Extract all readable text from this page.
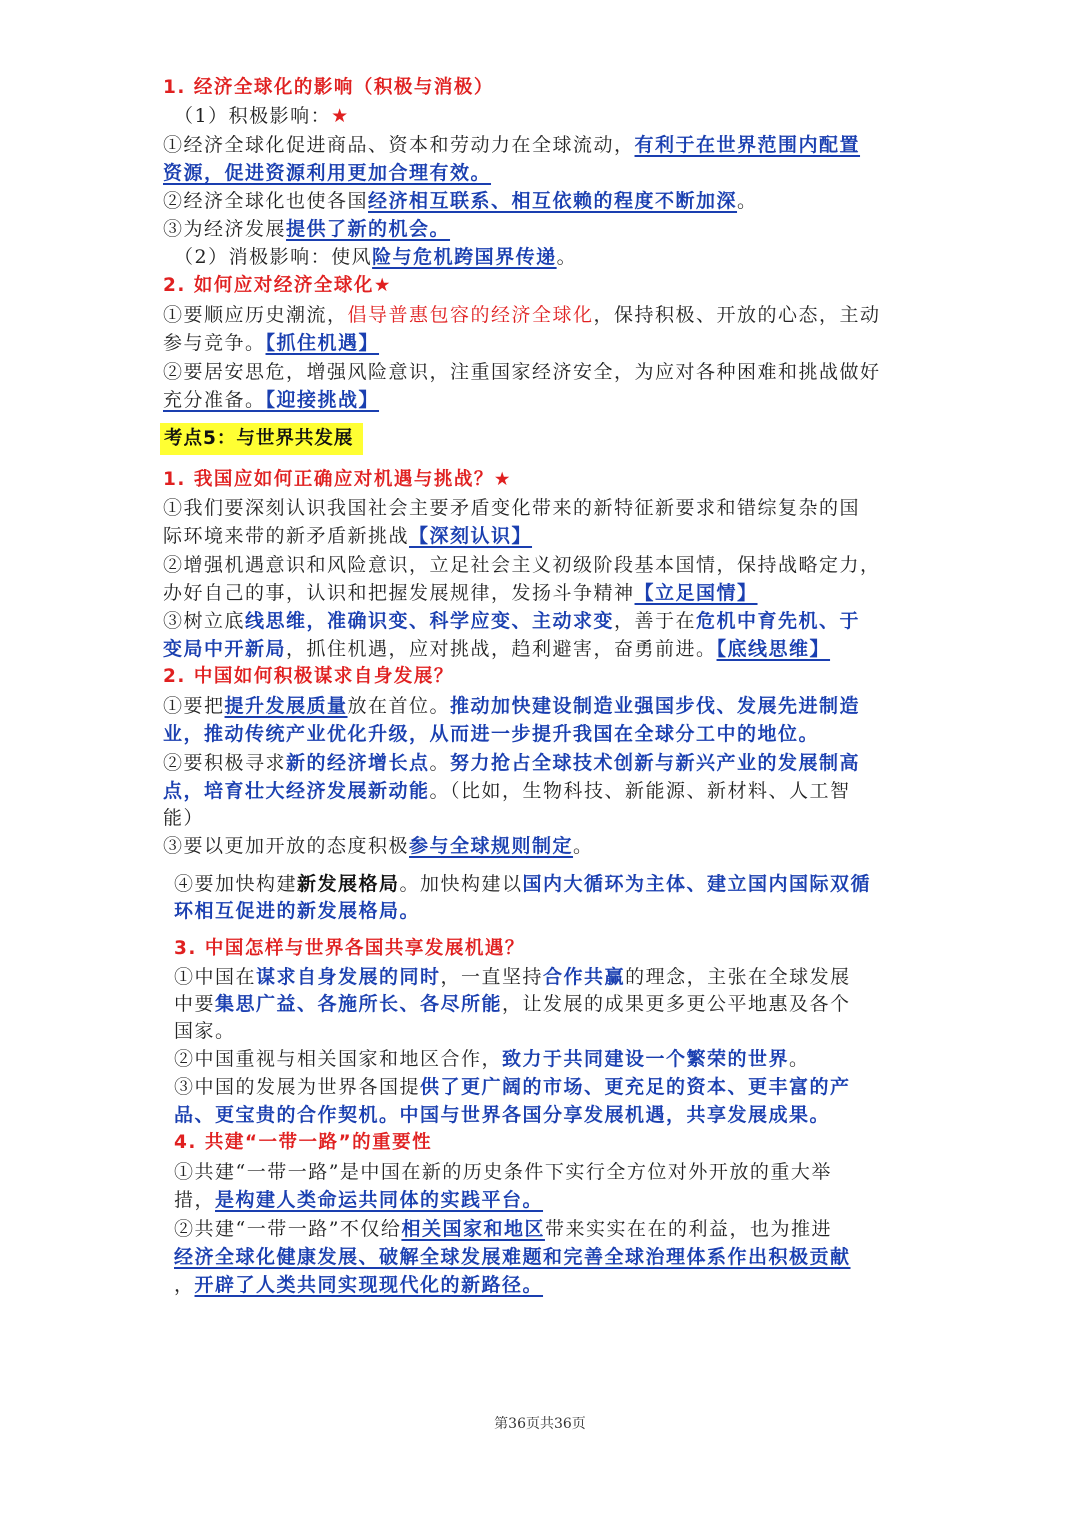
1. 经济全球化的影响（积极与消极）
（1）积极影响：★
①经济全球化促进商品、资本和劳动力在全球流动，有利于在世界范围内配置
资源，促进资源利用更加合理有效。
②经济全球化也使各国经济相互联系、相互依赖的程度不断加深。
③为经济发展提供了新的机会。
（2）消极影响：使风险与危机跨国界传递。
2. 如何应对经济全球化★
①要顺应历史潮流，倡导普惠包容的经济全球化，保持积极、开放的心态，主动
参与竞争。【抓住机遇】
②要居安思危，增强风险意识，注重国家经济安全，为应对各种困难和挑战做好
充分准备。【迎接挑战】
考点5：与世界共发展
1. 我国应如何正确应对机遇与挑战？★
①我们要深刻认识我国社会主要矛盾变化带来的新特征新要求和错综复杂的国
际环境来带的新矛盾新挑战【深刻认识】
②增强机遇意识和风险意识，立足社会主义初级阶段基本国情，保持战略定力，
办好自己的事，认识和把握发展规律，发扬斗争精神【立足国情】
③树立底线思维，准确识变、科学应变、主动求变，善于在危机中育先机、于
变局中开新局，抓住机遇，应对挑战，趋利避害，奋勇前进。【底线思维】
2. 中国如何积极谋求自身发展？
①要把提升发展质量放在首位。推动加快建设制造业强国步伐、发展先进制造
业，推动传统产业优化升级，从而进一步提升我国在全球分工中的地位。
②要积极寻求新的经济增长点。努力抢占全球技术创新与新兴产业的发展制高
点，培育壮大经济发展新动能。（比如，生物科技、新能源、新材料、人工智
能）
③要以更加开放的态度积极参与全球规则制定。
④要加快构建新发展格局。加快构建以国内大循环为主体、建立国内国际双循
环相互促进的新发展格局。
3. 中国怎样与世界各国共享发展机遇？
①中国在谋求自身发展的同时，一直坚持合作共赢的理念，主张在全球发展
中要集思广益、各施所长、各尽所能，让发展的成果更多更公平地惠及各个
国家。
②中国重视与相关国家和地区合作，致力于共同建设一个繁荣的世界。
③中国的发展为世界各国提供了更广阔的市场、更充足的资本、更丰富的产
品、更宝贵的合作契机。中国与世界各国分享发展机遇，共享发展成果。
4. 共建“一带一路”的重要性
①共建“一带一路”是中国在新的历史条件下实行全方位对外开放的重大举
措，是构建人类命运共同体的实践平台。
②共建“一带一路”不仅给相关国家和地区带来实实在在的利益，也为推进
经济全球化健康发展、破解全球发展难题和完善全球治理体系作出积极贡献
，开辟了人类共同实现现代化的新路径。
第36页共36页
